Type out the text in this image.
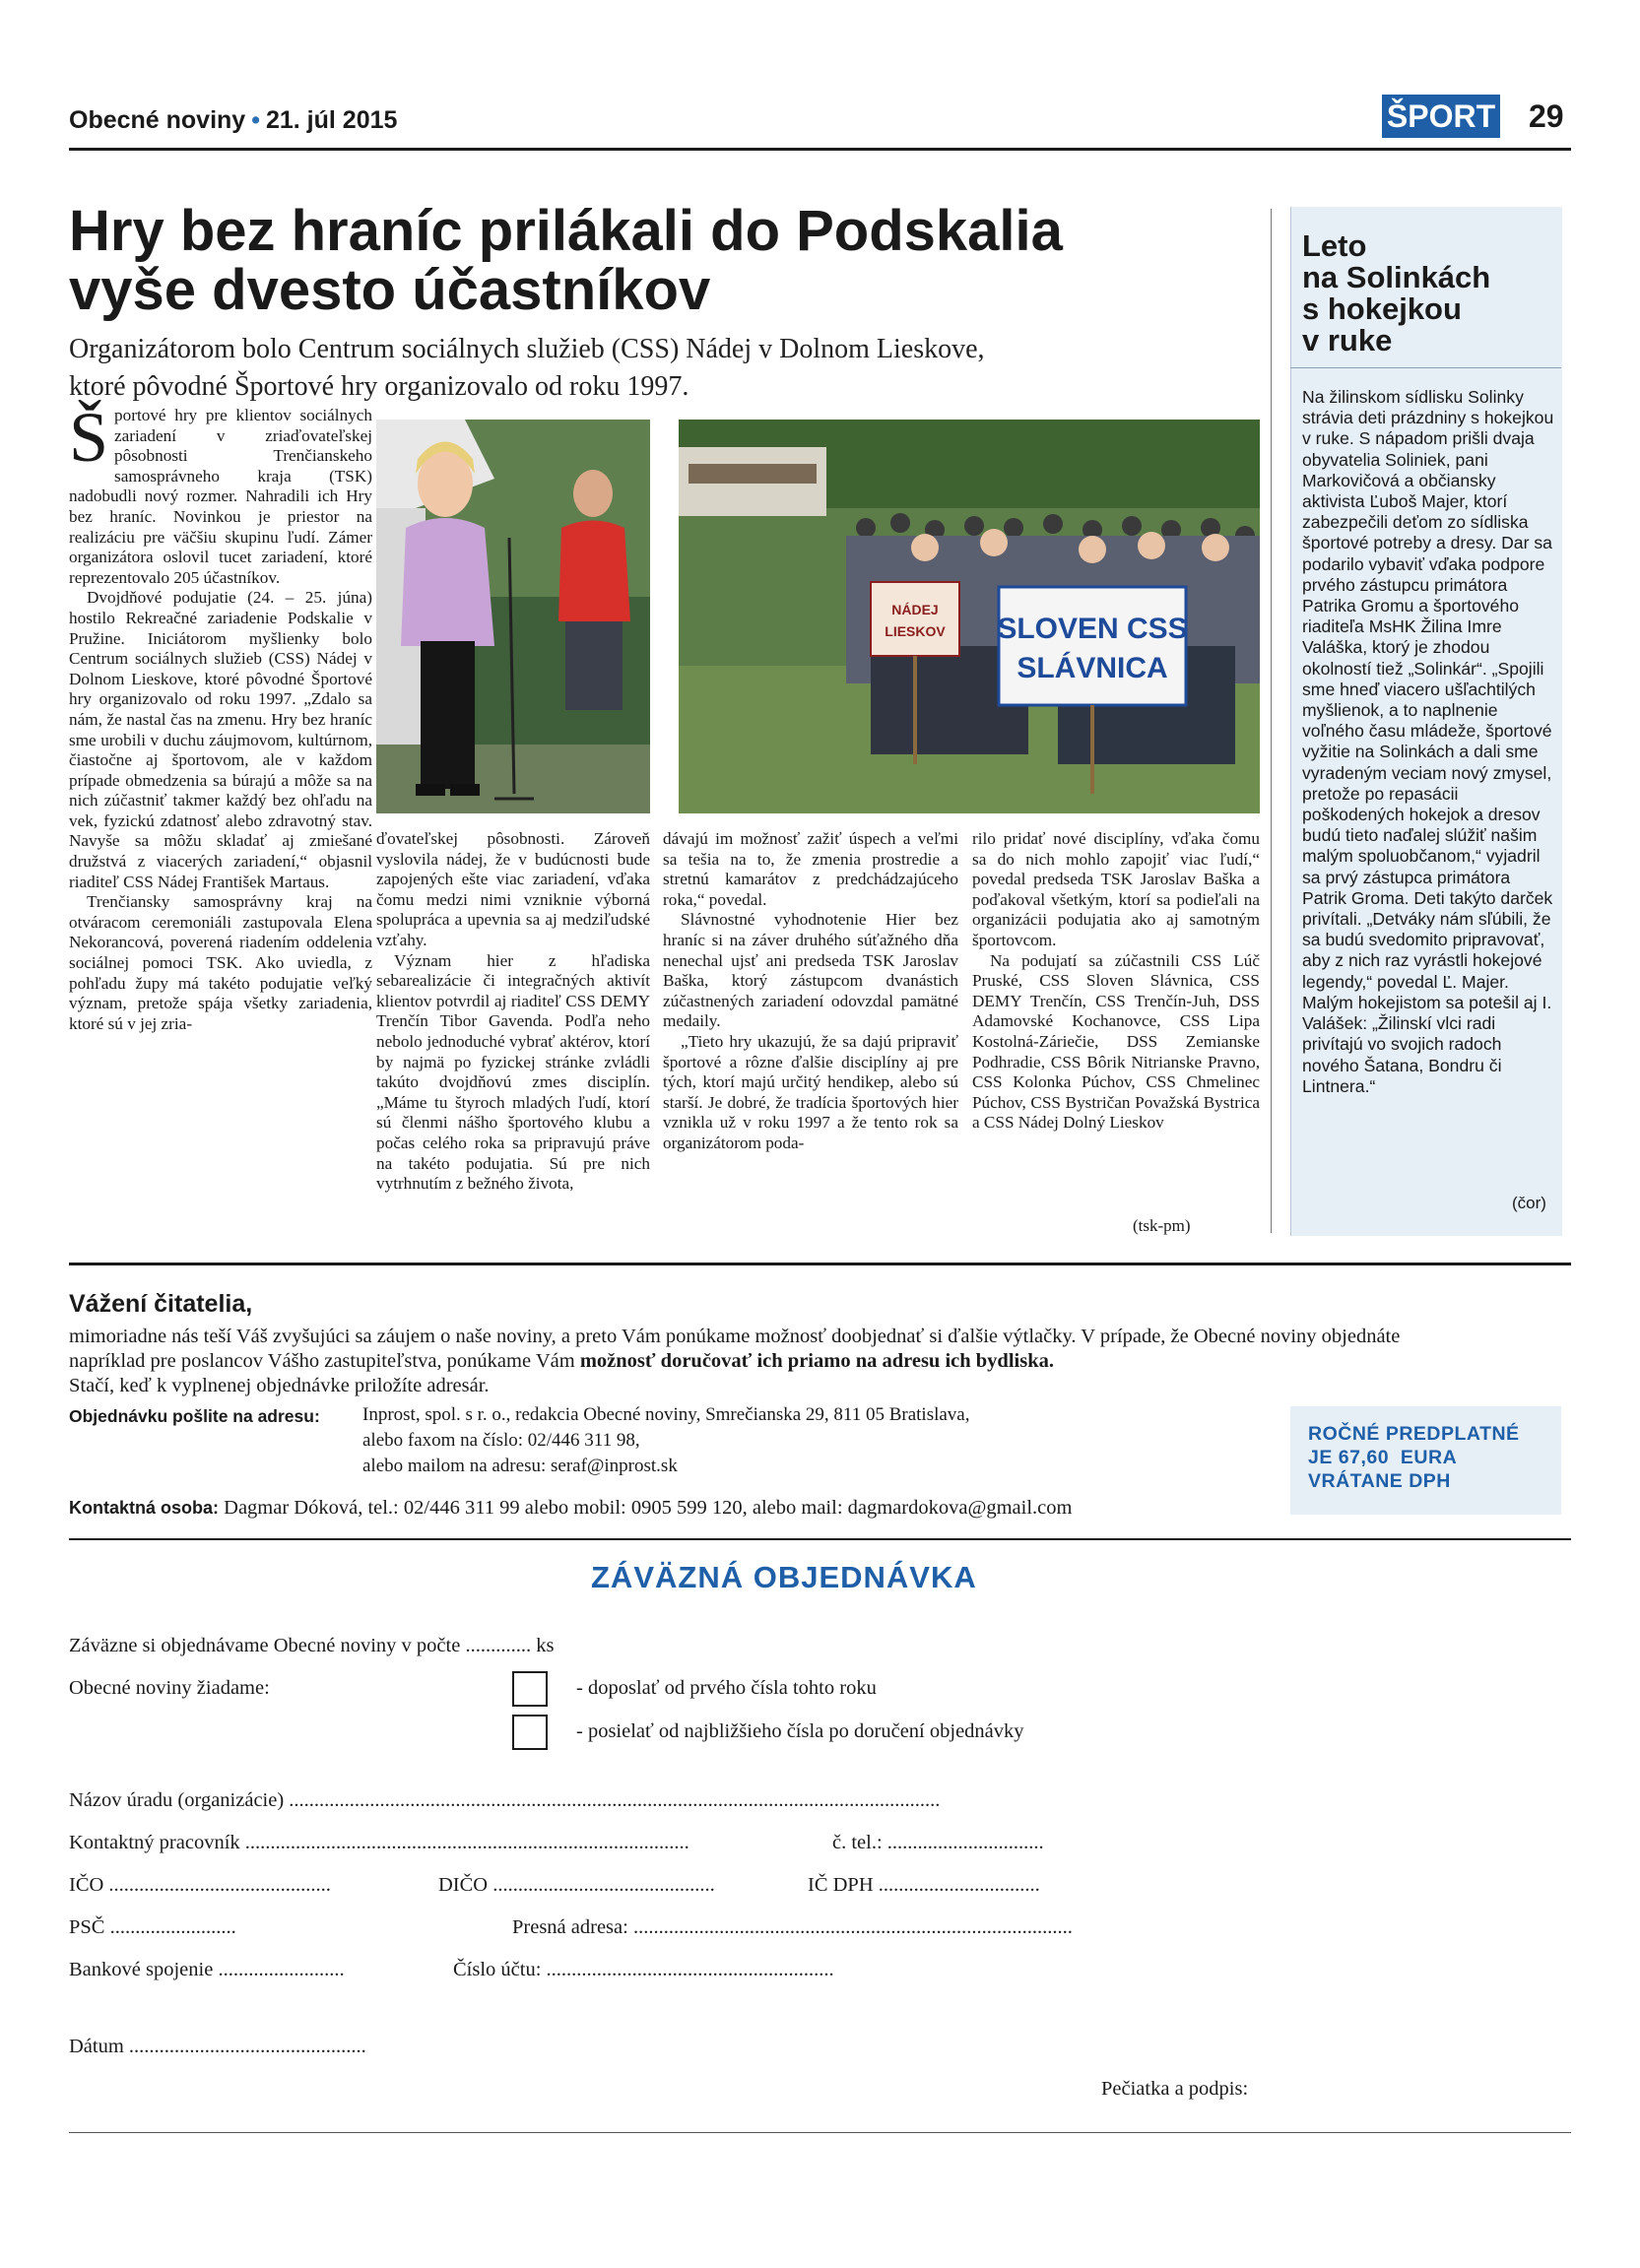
Obecné noviny • 21. júl 2015	ŠPORT 29
Hry bez hraníc prilákali do Podskalia
vyše dvesto účastníkov
Organizátorom bolo Centrum sociálnych služieb (CSS) Nádej v Dolnom Lieskove,
ktoré pôvodné Športové hry organizovalo od roku 1997.
NÁDEJ
LIESKOV SLOVEN CSS
SLÁVNICA
Š portové hry pre klientov sociálnych zariadení v zriaďovateľskej pôsobnosti Trenčianskeho samosprávneho kraja (TSK) nadobudli nový rozmer. Nahradili ich Hry bez hraníc. Novinkou je priestor na realizáciu pre väčšiu skupinu ľudí. Zámer organizátora oslovil tucet zariadení, ktoré reprezentovalo 205 účastníkov.

Dvojdňové podujatie (24. – 25. júna) hostilo Rekreačné zariadenie Podskalie v Pružine. Iniciátorom myšlienky bolo Centrum sociálnych služieb (CSS) Nádej v Dolnom Lieskove, ktoré pôvodné Športové hry organizovalo od roku 1997. „Zdalo sa nám, že nastal čas na zmenu. Hry bez hraníc sme urobili v duchu záujmovom, kultúrnom, čiastočne aj športovom, ale v každom prípade obmedzenia sa búrajú a môže sa na nich zúčastniť takmer každý bez ohľadu na vek, fyzickú zdatnosť alebo zdravotný stav. Navyše sa môžu skladať aj zmiešané družstvá z viacerých zariadení,“ objasnil riaditeľ CSS Nádej František Martaus.

Trenčiansky samosprávny kraj na otváracom ceremoniáli zastupovala Elena Nekorancová, poverená riadením oddelenia sociálnej pomoci TSK. Ako uviedla, z pohľadu župy má takéto podujatie veľký význam, pretože spája všetky zariadenia, ktoré sú v jej zria-

ďovateľskej pôsobnosti. Zároveň vyslovila nádej, že v budúcnosti bude zapojených ešte viac zariadení, vďaka čomu medzi nimi vzniknie výborná spolupráca a upevnia sa aj medziľudské vzťahy.

Význam hier z hľadiska sebarealizácie či integračných aktivít klientov potvrdil aj riaditeľ CSS DEMY Trenčín Tibor Gavenda. Podľa neho nebolo jednoduché vybrať aktérov, ktorí by najmä po fyzickej stránke zvládli takúto dvojdňovú zmes disciplín. „Máme tu štyroch mladých ľudí, ktorí sú členmi nášho športového klubu a počas celého roka sa pripravujú práve na takéto podujatia. Sú pre nich vytrhnutím z bežného života,

dávajú im možnosť zažiť úspech a veľmi sa tešia na to, že zmenia prostredie a stretnú kamarátov z predchádzajúceho roka,“ povedal.

Slávnostné vyhodnotenie Hier bez hraníc si na záver druhého súťažného dňa nenechal ujsť ani predseda TSK Jaroslav Baška, ktorý zástupcom dvanástich zúčastnených zariadení odovzdal pamätné medaily.

„Tieto hry ukazujú, že sa dajú pripraviť športové a rôzne ďalšie disciplíny aj pre tých, ktorí majú určitý hendikep, alebo sú starší. Je dobré, že tradícia športových hier vznikla už v roku 1997 a že tento rok sa organizátorom poda-

rilo pridať nové disciplíny, vďaka čomu sa do nich mohlo zapojiť viac ľudí,“ povedal predseda TSK Jaroslav Baška a poďakoval všetkým, ktorí sa podieľali na organizácii podujatia ako aj samotným športovcom.

Na podujatí sa zúčastnili CSS Lúč Pruské, CSS Sloven Slávnica, CSS DEMY Trenčín, CSS Trenčín-Juh, DSS Adamovské Kochanovce, CSS Lipa Kostolná-Záriečie, DSS Zemianske Podhradie, CSS Bôrik Nitrianske Pravno, CSS Kolonka Púchov, CSS Chmelinec Púchov, CSS Bystričan Považská Bystrica a CSS Nádej Dolný Lieskov

(tsk-pm)
Leto
na Solinkách
s hokejkou
v ruke
Na žilinskom sídlisku Solinky strávia deti prázdniny s hokejkou v ruke. S nápadom prišli dvaja obyvatelia Soliniek, pani Markovičová a občiansky aktivista Ľuboš Majer, ktorí zabezpečili deťom zo sídliska športové potreby a dresy. Dar sa podarilo vybaviť vďaka podpore prvého zástupcu primátora Patrika Gromu a športového riaditeľa MsHK Žilina Imre Valáška, ktorý je zhodou okolností tiež „Solinkár“. „Spojili sme hneď viacero ušľachtilých myšlienok, a to naplnenie voľného času mládeže, športové vyžitie na Solinkách a dali sme vyradeným veciam nový zmysel, pretože po repasácii poškodených hokejok a dresov budú tieto naďalej slúžiť našim malým spoluobčanom,“ vyjadril sa prvý zástupca primátora Patrik Groma. Deti takýto darček privítali. „Detváky nám sľúbili, že sa budú svedomito pripravovať, aby z nich raz vyrástli hokejové legendy,“ povedal Ľ. Majer. Malým hokejistom sa potešil aj I. Valášek: „Žilinskí vlci radi privítajú vo svojich radoch nového Šatana, Bondru či Lintnera.“
(čor)
Vážení čitatelia,
mimoriadne nás teší Váš zvyšujúci sa záujem o naše noviny, a preto Vám ponúkame možnosť doobjednať si ďalšie výtlačky. V prípade, že Obecné noviny objednáte napríklad pre poslancov Vášho zastupiteľstva, ponúkame Vám možnosť doručovať ich priamo na adresu ich bydliska.
Stačí, keď k vyplnenej objednávke priložíte adresár.
Objednávku pošlite na adresu: Inprost, spol. s r. o., redakcia Obecné noviny, Smrečianska 29, 811 05 Bratislava,
alebo faxom na číslo: 02/446 311 98,
alebo mailom na adresu: seraf@inprost.sk
Kontaktná osoba: Dagmar Dóková, tel.: 02/446 311 99 alebo mobil: 0905 599 120, alebo mail: dagmardokova@gmail.com
ROČNÉ PREDPLATNÉ
JE 67,60  EURA
VRÁTANE DPH
ZÁVÄZNÁ OBJEDNÁVKA
Záväzne si objednávame Obecné noviny v počte ............. ks
Obecné noviny žiadame:	- doposlať od prvého čísla tohto roku
- posielať od najbližšieho čísla po doručení objednávky
Názov úradu (organizácie) .................................................................................................................................
Kontaktný pracovník ........................................................................................	č. tel.: ...............................
IČO ............................................	DIČO ............................................	IČ DPH ................................
PSČ .........................	Presná adresa: .......................................................................................
Bankové spojenie .........................	Číslo účtu: .........................................................
Dátum ...............................................
Pečiatka a podpis:
